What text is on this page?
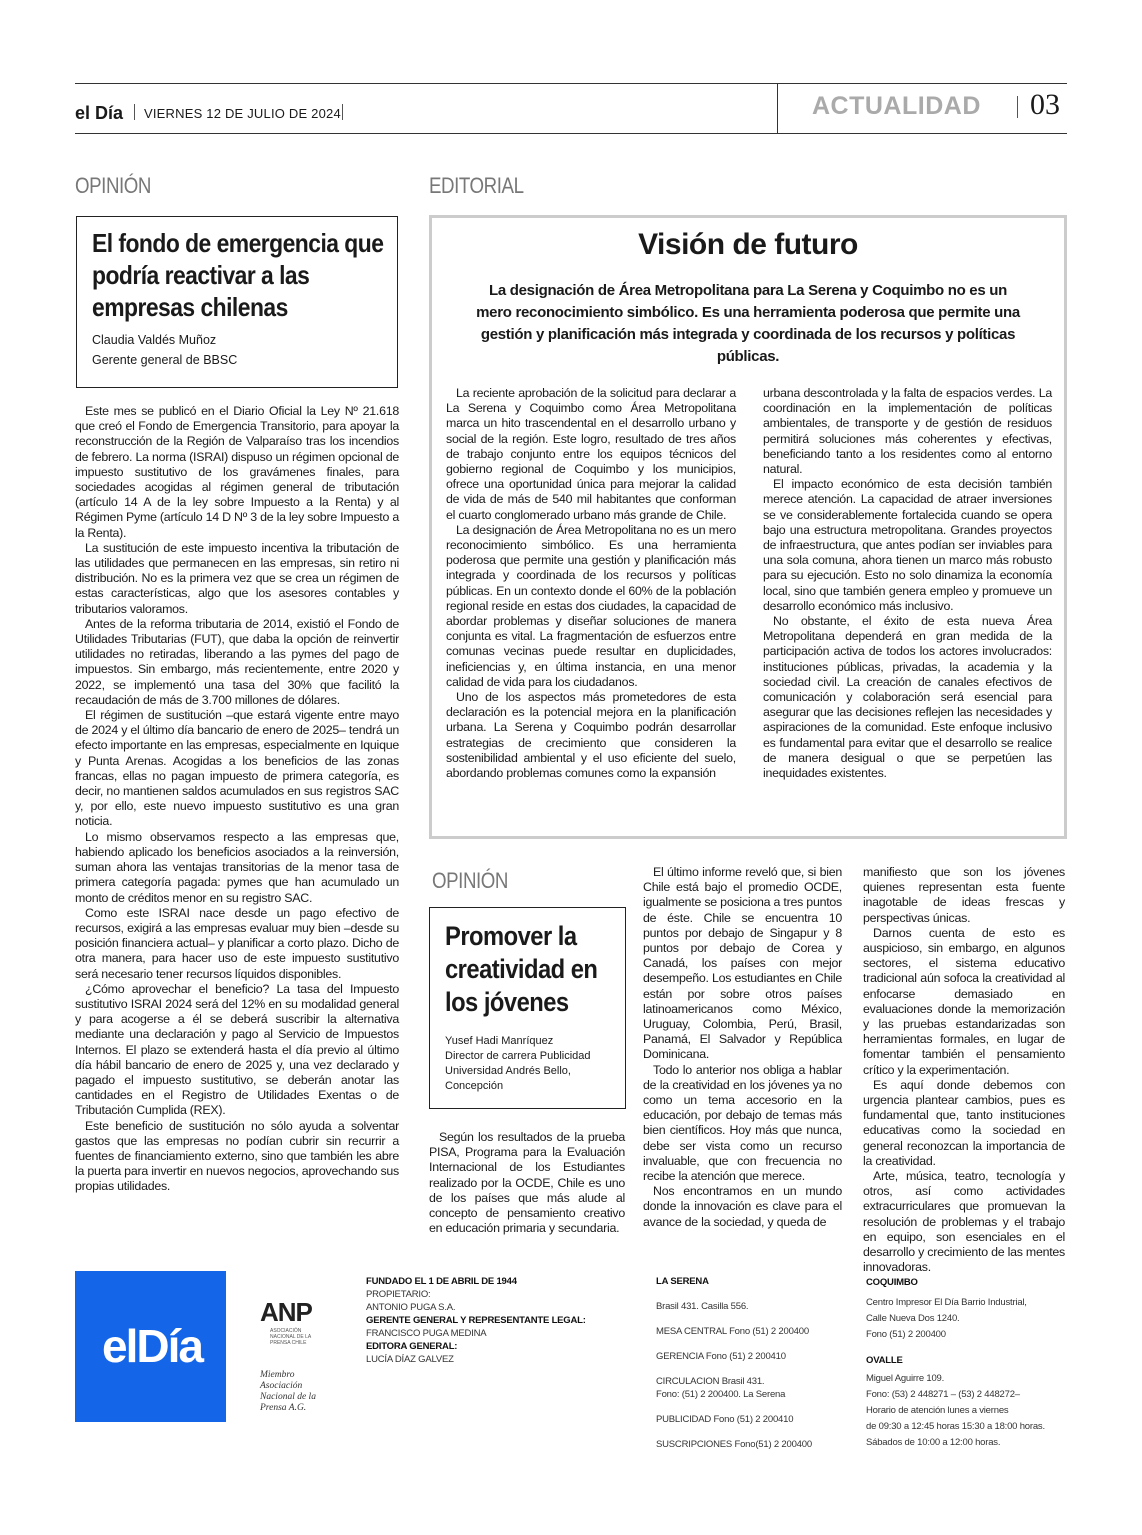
el Día VIERNES 12 DE JULIO DE 2024	ACTUALIDAD 03
OPINIÓN
El fondo de emergencia que podría reactivar a las empresas chilenas
Claudia Valdés Muñoz
Gerente general de BBSC

Este mes se publicó en el Diario Oficial la Ley Nº 21.618 que creó el Fondo de Emergencia Transitorio, para apoyar la reconstrucción de la Región de Valparaíso tras los incendios de febrero. La norma (ISRAI) dispuso un régimen opcional de impuesto sustitutivo de los gravámenes finales, para sociedades acogidas al régimen general de tributación (artículo 14 A de la ley sobre Impuesto a la Renta) y al Régimen Pyme (artículo 14 D Nº 3 de la ley sobre Impuesto a la Renta).

La sustitución de este impuesto incentiva la tributación de las utilidades que permanecen en las empresas, sin retiro ni distribución. No es la primera vez que se crea un régimen de estas características, algo que los asesores contables y tributarios valoramos.

Antes de la reforma tributaria de 2014, existió el Fondo de Utilidades Tributarias (FUT), que daba la opción de reinvertir utilidades no retiradas, liberando a las pymes del pago de impuestos. Sin embargo, más recientemente, entre 2020 y 2022, se implementó una tasa del 30% que facilitó la recaudación de más de 3.700 millones de dólares.

El régimen de sustitución –que estará vigente entre mayo de 2024 y el último día bancario de enero de 2025– tendrá un efecto importante en las empresas, especialmente en Iquique y Punta Arenas. Acogidas a los beneficios de las zonas francas, ellas no pagan impuesto de primera categoría, es decir, no mantienen saldos acumulados en sus registros SAC y, por ello, este nuevo impuesto sustitutivo es una gran noticia.

Lo mismo observamos respecto a las empresas que, habiendo aplicado los beneficios asociados a la reinversión, suman ahora las ventajas transitorias de la menor tasa de primera categoría pagada: pymes que han acumulado un monto de créditos menor en su registro SAC.

Como este ISRAI nace desde un pago efectivo de recursos, exigirá a las empresas evaluar muy bien –desde su posición financiera actual– y planificar a corto plazo. Dicho de otra manera, para hacer uso de este impuesto sustitutivo será necesario tener recursos líquidos disponibles.

¿Cómo aprovechar el beneficio? La tasa del Impuesto sustitutivo ISRAI 2024 será del 12% en su modalidad general y para acogerse a él se deberá suscribir la alternativa mediante una declaración y pago al Servicio de Impuestos Internos. El plazo se extenderá hasta el día previo al último día hábil bancario de enero de 2025 y, una vez declarado y pagado el impuesto sustitutivo, se deberán anotar las cantidades en el Registro de Utilidades Exentas o de Tributación Cumplida (REX).

Este beneficio de sustitución no sólo ayuda a solventar gastos que las empresas no podían cubrir sin recurrir a fuentes de financiamiento externo, sino que también les abre la puerta para invertir en nuevos negocios, aprovechando sus propias utilidades.

EDITORIAL
Visión de futuro
La designación de Área Metropolitana para La Serena y Coquimbo no es un mero reconocimiento simbólico. Es una herramienta poderosa que permite una gestión y planificación más integrada y coordinada de los recursos y políticas públicas.

La reciente aprobación de la solicitud para declarar a La Serena y Coquimbo como Área Metropolitana marca un hito trascendental en el desarrollo urbano y social de la región. Este logro, resultado de tres años de trabajo conjunto entre los equipos técnicos del gobierno regional de Coquimbo y los municipios, ofrece una oportunidad única para mejorar la calidad de vida de más de 540 mil habitantes que conforman el cuarto conglomerado urbano más grande de Chile.

La designación de Área Metropolitana no es un mero reconocimiento simbólico. Es una herramienta poderosa que permite una gestión y planificación más integrada y coordinada de los recursos y políticas públicas. En un contexto donde el 60% de la población regional reside en estas dos ciudades, la capacidad de abordar problemas y diseñar soluciones de manera conjunta es vital. La fragmentación de esfuerzos entre comunas vecinas puede resultar en duplicidades, ineficiencias y, en última instancia, en una menor calidad de vida para los ciudadanos.

Uno de los aspectos más prometedores de esta declaración es la potencial mejora en la planificación urbana. La Serena y Coquimbo podrán desarrollar estrategias de crecimiento que consideren la sostenibilidad ambiental y el uso eficiente del suelo, abordando problemas comunes como la expansión

urbana descontrolada y la falta de espacios verdes. La coordinación en la implementación de políticas ambientales, de transporte y de gestión de residuos permitirá soluciones más coherentes y efectivas, beneficiando tanto a los residentes como al entorno natural.

El impacto económico de esta decisión también merece atención. La capacidad de atraer inversiones se ve considerablemente fortalecida cuando se opera bajo una estructura metropolitana. Grandes proyectos de infraestructura, que antes podían ser inviables para una sola comuna, ahora tienen un marco más robusto para su ejecución. Esto no solo dinamiza la economía local, sino que también genera empleo y promueve un desarrollo económico más inclusivo.

No obstante, el éxito de esta nueva Área Metropolitana dependerá en gran medida de la participación activa de todos los actores involucrados: instituciones públicas, privadas, la academia y la sociedad civil. La creación de canales efectivos de comunicación y colaboración será esencial para asegurar que las decisiones reflejen las necesidades y aspiraciones de la comunidad. Este enfoque inclusivo es fundamental para evitar que el desarrollo se realice de manera desigual o que se perpetúen las inequidades existentes.

OPINIÓN
Promover la creatividad en los jóvenes
Yusef Hadi Manríquez
Director de carrera Publicidad Universidad Andrés Bello, Concepción

Según los resultados de la prueba PISA, Programa para la Evaluación Internacional de los Estudiantes realizado por la OCDE, Chile es uno de los países que más alude al concepto de pensamiento creativo en educación primaria y secundaria.

El último informe reveló que, si bien Chile está bajo el promedio OCDE, igualmente se posiciona a tres puntos de éste. Chile se encuentra 10 puntos por debajo de Singapur y 8 puntos por debajo de Corea y Canadá, los países con mejor desempeño. Los estudiantes en Chile están por sobre otros países latinoamericanos como México, Uruguay, Colombia, Perú, Brasil, Panamá, El Salvador y República Dominicana.

Todo lo anterior nos obliga a hablar de la creatividad en los jóvenes ya no como un tema accesorio en la educación, por debajo de temas más bien científicos. Hoy más que nunca, debe ser vista como un recurso invaluable, que con frecuencia no recibe la atención que merece.

Nos encontramos en un mundo donde la innovación es clave para el avance de la sociedad, y queda de

manifiesto que son los jóvenes quienes representan esta fuente inagotable de ideas frescas y perspectivas únicas.

Darnos cuenta de esto es auspicioso, sin embargo, en algunos sectores, el sistema educativo tradicional aún sofoca la creatividad al enfocarse demasiado en evaluaciones donde la memorización y las pruebas estandarizadas son herramientas formales, en lugar de fomentar también el pensamiento crítico y la experimentación.

Es aquí donde debemos con urgencia plantear cambios, pues es fundamental que, tanto instituciones educativas como la sociedad en general reconozcan la importancia de la creatividad.

Arte, música, teatro, tecnología y otros, así como actividades extracurriculares que promuevan la resolución de problemas y el trabajo en equipo, son esenciales en el desarrollo y crecimiento de las mentes innovadoras.

elDía
ANP
ASOCIACIÓN NACIONAL DE LA PRENSA CHILE
Miembro Asociación Nacional de la Prensa A.G.
FUNDADO EL 1 DE ABRIL DE 1944
PROPIETARIO:
ANTONIO PUGA S.A.
GERENTE GENERAL Y REPRESENTANTE LEGAL:
FRANCISCO PUGA MEDINA
EDITORA GENERAL:
LUCÍA DÍAZ GALVEZ
LA SERENA
Brasil 431. Casilla 556.
MESA CENTRAL Fono (51) 2 200400
GERENCIA Fono (51) 2 200410
CIRCULACION Brasil 431.
Fono: (51) 2 200400. La Serena
PUBLICIDAD Fono (51) 2 200410
SUSCRIPCIONES Fono(51) 2 200400
COQUIMBO
Centro Impresor El Día Barrio Industrial,
Calle Nueva Dos 1240.
Fono (51) 2 200400
OVALLE
Miguel Aguirre 109.
Fono: (53) 2 448271 – (53) 2 448272–
Horario de atención lunes a viernes
de 09:30 a 12:45 horas 15:30 a 18:00 horas.
Sábados de 10:00 a 12:00 horas.
